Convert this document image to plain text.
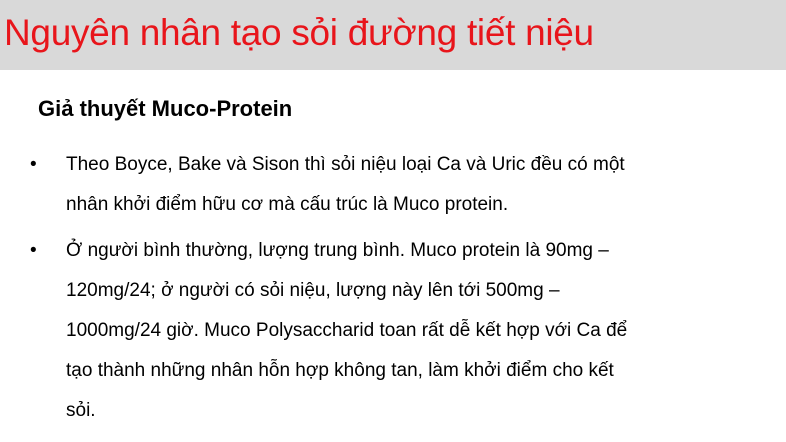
Nguyên nhân tạo sỏi đường tiết niệu
Giả thuyết Muco-Protein
• Theo Boyce, Bake và Sison thì sỏi niệu loại Ca và Uric đều có một
nhân khởi điểm hữu cơ mà cấu trúc là Muco protein.
• Ở người bình thường, lượng trung bình. Muco protein là 90mg –
120mg/24; ở người có sỏi niệu, lượng này lên tới 500mg –
1000mg/24 giờ. Muco Polysaccharid toan rất dễ kết hợp với Ca để
tạo thành những nhân hỗn hợp không tan, làm khởi điểm cho kết
sỏi.
